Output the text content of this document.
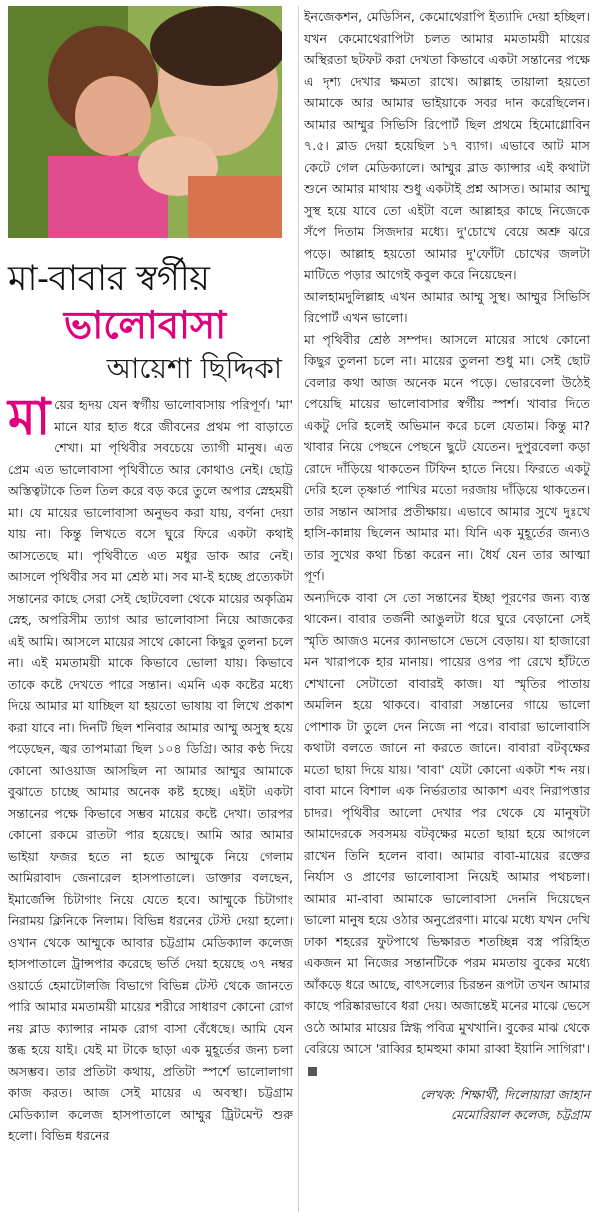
মা-বাবার স্বর্গীয়
ভালোবাসা
আয়েশা ছিদ্দিকা
মা য়ের হৃদয় যেন স্বর্গীয় ভালোবাসায় পরিপূর্ণ। 'মা' মানে যার হাত ধরে জীবনের প্রথম পা বাড়াতে শেখা। মা পৃথিবীর সবচেয়ে ত্যাগী মানুষ। এত প্রেম এত ভালোবাসা পৃথিবীতে আর কোথাও নেই। ছোট্ট অস্তিত্বটাকে তিল তিল করে বড় করে তুলে অপার স্নেহময়ী মা। যে মায়ের ভালোবাসা অনুভব করা যায়, বর্ণনা দেয়া যায় না। কিন্তু লিখতে বসে ঘুরে ফিরে একটা কথাই আসতেছে মা। পৃথিবীতে এত মধুর ডাক আর নেই। আসলে পৃথিবীর সব মা শ্রেষ্ঠ মা। সব মা-ই হচ্ছে প্রত্যেকটা সন্তানের কাছে সেরা সেই ছোটবেলা থেকে মায়ের অকৃত্রিম স্নেহ, অপরিসীম ত্যাগ আর ভালোবাসা নিয়ে আজকের এই আমি। আসলে মায়ের সাথে কোনো কিছুর তুলনা চলে না। এই মমতাময়ী মাকে কিভাবে ভোলা যায়। কিভাবে তাকে কষ্টে দেখতে পারে সন্তান। এমনি এক কষ্টের মধ্যে দিয়ে আমার মা যাচ্ছিল যা হয়তো ভাষায় বা লিখে প্রকাশ করা যাবে না। দিনটি ছিল শনিবার আমার আম্মু অসুস্থ হয়ে পড়েছেন, জ্বর তাপমাত্রা ছিল ১০৪ ডিগ্রি। আর কণ্ঠ দিয়ে কোনো আওয়াজ আসছিল না আমার আম্মুর আমাকে বুঝাতে চাচ্ছে আমার অনেক কষ্ট হচ্ছে। এইটা একটা সন্তানের পক্ষে কিভাবে সম্ভব মায়ের কষ্টে দেখা। তারপর কোনো রকমে রাতটা পার হয়েছে। আমি আর আমার ভাইয়া ফজর হতে না হতে আম্মুকে নিয়ে গেলাম আমিরাবাদ জেনারেল হাসপাতালে। ডাক্তার বলছেন, ইমার্জেন্সি চিটাগাং নিয়ে যেতে হবে। আম্মুকে চিটাগাং নিরাময় ক্লিনিকে নিলাম। বিভিন্ন ধরনের টেস্ট দেয়া হলো। ওখান থেকে আম্মুকে আবার চট্টগ্রাম মেডিক্যাল কলেজ হাসপাতালে ট্রান্সপার করেছে ভর্তি দেয়া হয়েছে ৩৭ নম্বর ওয়ার্ডে হেমাটোলজি বিভাগে বিভিন্ন টেস্ট থেকে জানতে পারি আমার মমতাময়ী মায়ের শরীরে সাধারণ কোনো রোগ নয় ব্লাড ক্যান্সার নামক রোগ বাসা বেঁধেছে। আমি যেন স্তব্ধ হয়ে যাই। যেই মা টাকে ছাড়া এক মুহূর্তের জন্য চলা অসম্ভব। তার প্রতিটা কথায়, প্রতিটা স্পর্শে ভালোলাগা কাজ করত। আজ সেই মায়ের এ অবস্থা। চট্টগ্রাম মেডিক্যাল কলেজ হাসপাতালে আম্মুর ট্রিটমেন্ট শুরু হলো। বিভিন্ন ধরনের

ইনজেকশন, মেডিসিন, কেমোথেরাপি ইত্যাদি দেয়া হচ্ছিল। যখন কেমোথেরাপিটা চলত আমার মমতাময়ী মায়ের অস্থিরতা ছটফট করা দেখতা কিভাবে একটা সন্তানের পক্ষে এ দৃশ্য দেখার ক্ষমতা রাখে। আল্লাহ তায়ালা হয়তো আমাকে আর আমার ভাইয়াকে সবর দান করেছিলেন। আমার আম্মুর সিভিসি রিপোর্ট ছিল প্রথমে হিমোগ্লোবিন ৭.৫। ব্লাড দেয়া হয়েছিল ১৭ ব্যাগ। এভাবে আট মাস কেটে গেল মেডিক্যালে। আম্মুর ব্লাড ক্যান্সার এই কথাটা শুনে আমার মাথায় শুধু একটাই প্রশ্ন আসত। আমার আম্মু সুস্থ হয়ে যাবে তো এইটা বলে আল্লাহর কাছে নিজেকে সঁপে দিতাম সিজদার মধ্যে। দু'চোখে বেয়ে অশ্রু ঝরে পড়ে। আল্লাহ হয়তো আমার দু'ফোঁটা চোখের জলটা মাটিতে পড়ার আগেই কবুল করে নিয়েছেন।

আলহামদুলিল্লাহ এখন আমার আম্মু সুস্থ। আম্মুর সিভিসি রিপোর্ট এখন ভালো।

মা পৃথিবীর শ্রেষ্ঠ সম্পদ। আসলে মায়ের সাথে কোনো কিছুর তুলনা চলে না। মায়ের তুলনা শুধু মা। সেই ছোট বেলার কথা আজ অনেক মনে পড়ে। ভোরবেলা উঠেই পেয়েছি মায়ের ভালোবাসার স্বর্গীয় স্পর্শ। খাবার দিতে একটু দেরি হলেই অভিমান করে চলে যেতাম। কিন্তু মা? খাবার নিয়ে পেছনে পেছনে ছুটে যেতেন। দুপুরবেলা কড়া রোদে দাঁড়িয়ে থাকতেন টিফিন হাতে নিয়ে। ফিরতে একটু দেরি হলে তৃষ্ণার্ত পাখির মতো দরজায় দাঁড়িয়ে থাকতেন। তার সন্তান আসার প্রতীক্ষায়। এভাবে আমার সুখে দুঃখে হাসি-কান্নায় ছিলেন আমার মা। যিনি এক মুহূর্তের জন্যও তার সুখের কথা চিন্তা করেন না। ধৈর্য যেন তার আত্মা পূর্ণ।

অন্যদিকে বাবা সে তো সন্তানের ইচ্ছা পূরণের জন্য ব্যস্ত থাকেন। বাবার তর্জনী আঙুলটা ধরে ঘুরে বেড়ানো সেই স্মৃতি আজও মনের ক্যানভাসে ভেসে বেড়ায়। যা হাজারো মন খারাপকে হার মানায়। পায়ের ওপর পা রেখে হাঁটতে শেখানো সেটাতো বাবারই কাজ। যা স্মৃতির পাতায় অমলিন হয়ে থাকবে। বাবারা সন্তানের গায়ে ভালো পোশাক টা তুলে দেন নিজে না পরে। বাবারা ভালোবাসি কথাটা বলতে জানে না করতে জানে। বাবারা বটবৃক্ষের মতো ছায়া দিয়ে যায়। 'বাবা' যেটা কোনো একটা শব্দ নয়। বাবা মানে বিশাল এক নির্ভরতার আকাশ এবং নিরাপত্তার চাদর। পৃথিবীর আলো দেখার পর থেকে যে মানুষটা আমাদেরকে সবসময় বটবৃক্ষের মতো ছায়া হয়ে আগলে রাখেন তিনি হলেন বাবা। আমার বাবা-মায়ের রক্তের নির্যাস ও প্রাণের ভালোবাসা নিয়েই আমার পথচলা। আমার মা-বাবা আমাকে ভালোবাসা দেননি দিয়েছেন ভালো মানুষ হয়ে ওঠার অনুপ্রেরণা। মাঝে মধ্যে যখন দেখি ঢাকা শহরের ফুটপাথে ভিক্ষারত শতচ্ছিন্ন বস্ত্র পরিহিত একজন মা নিজের সন্তানটিকে পরম মমতায় বুকের মধ্যে আঁকড়ে ধরে আছে, বাৎসল্যের চিরন্তন রূপটা তখন আমার কাছে পরিষ্কারভাবে ধরা দেয়। অজান্তেই মনের মাঝে ভেসে ওঠে আমার মায়ের স্নিগ্ধ পবিত্র মুখখানি। বুকের মাঝ থেকে বেরিয়ে আসে 'রাব্বির হামহুমা কামা রাব্বা ইয়ানি সাগিরা'।

লেখক: শিক্ষার্থী, দিলোয়ারা জাহান
মেমোরিয়াল কলেজ, চট্টগ্রাম
